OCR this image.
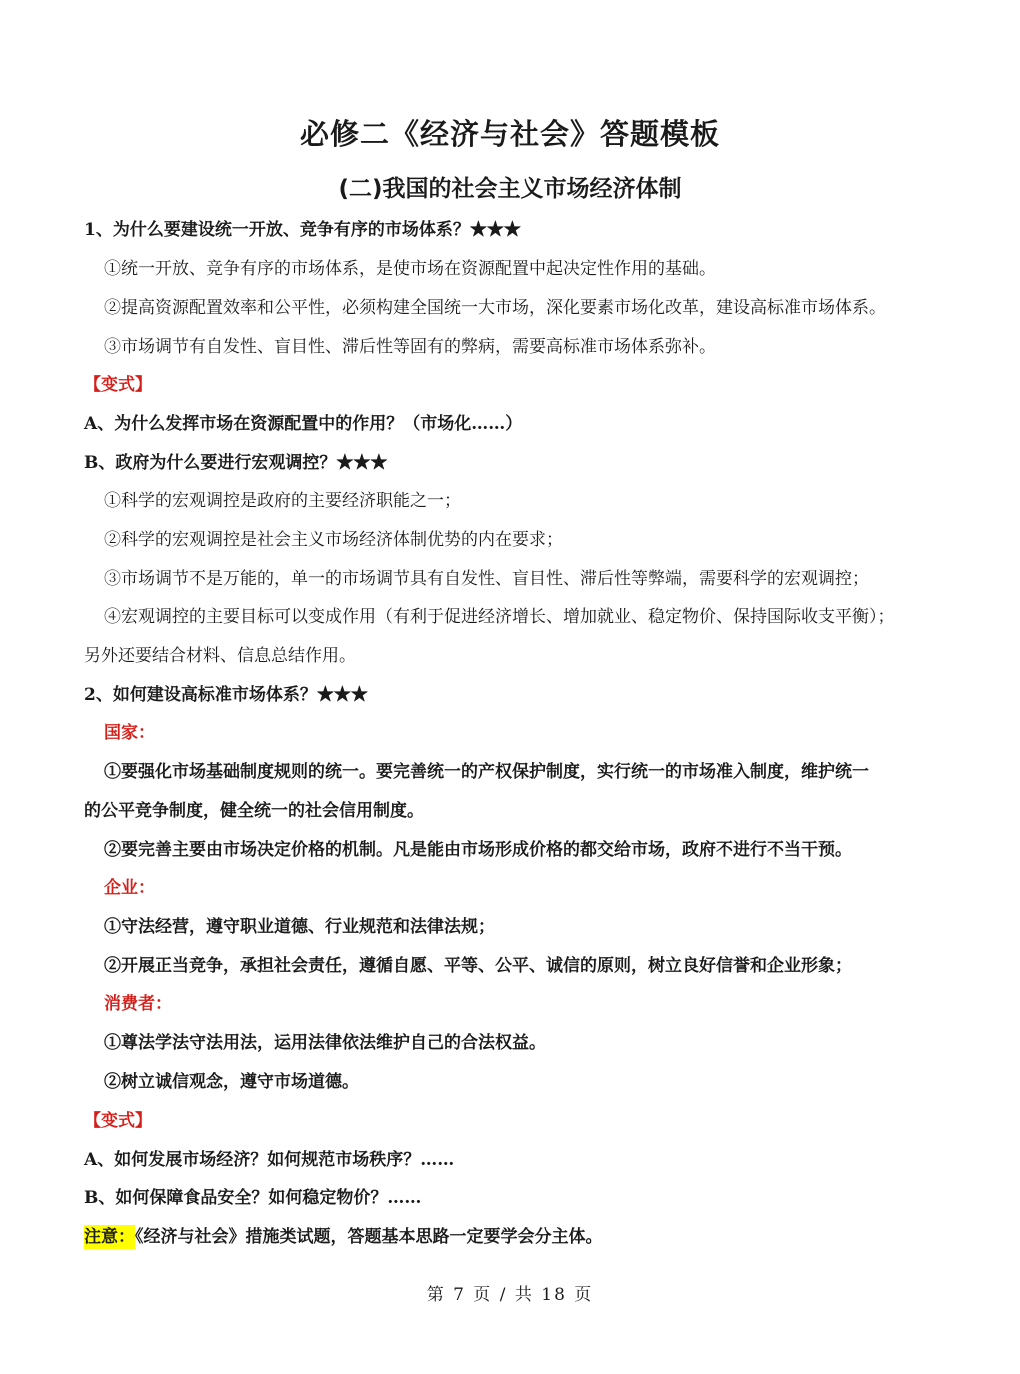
必修二《经济与社会》答题模板
(二)我国的社会主义市场经济体制
1、为什么要建设统一开放、竞争有序的市场体系？★★★
①统一开放、竞争有序的市场体系，是使市场在资源配置中起决定性作用的基础。
②提高资源配置效率和公平性，必须构建全国统一大市场，深化要素市场化改革，建设高标准市场体系。
③市场调节有自发性、盲目性、滞后性等固有的弊病，需要高标准市场体系弥补。
【变式】
A、为什么发挥市场在资源配置中的作用？（市场化……）
B、政府为什么要进行宏观调控？★★★
①科学的宏观调控是政府的主要经济职能之一；
②科学的宏观调控是社会主义市场经济体制优势的内在要求；
③市场调节不是万能的，单一的市场调节具有自发性、盲目性、滞后性等弊端，需要科学的宏观调控；
④宏观调控的主要目标可以变成作用（有利于促进经济增长、增加就业、稳定物价、保持国际收支平衡）；
另外还要结合材料、信息总结作用。
2、如何建设高标准市场体系？★★★
国家：
①要强化市场基础制度规则的统一。要完善统一的产权保护制度，实行统一的市场准入制度，维护统一
的公平竞争制度，健全统一的社会信用制度。
②要完善主要由市场决定价格的机制。凡是能由市场形成价格的都交给市场，政府不进行不当干预。
企业：
①守法经营，遵守职业道德、行业规范和法律法规；
②开展正当竞争，承担社会责任，遵循自愿、平等、公平、诚信的原则，树立良好信誉和企业形象；
消费者：
①尊法学法守法用法，运用法律依法维护自己的合法权益。
②树立诚信观念，遵守市场道德。
【变式】
A、如何发展市场经济？如何规范市场秩序？……
B、如何保障食品安全？如何稳定物价？……
注意：《经济与社会》措施类试题，答题基本思路一定要学会分主体。
第 7 页 / 共 18 页
